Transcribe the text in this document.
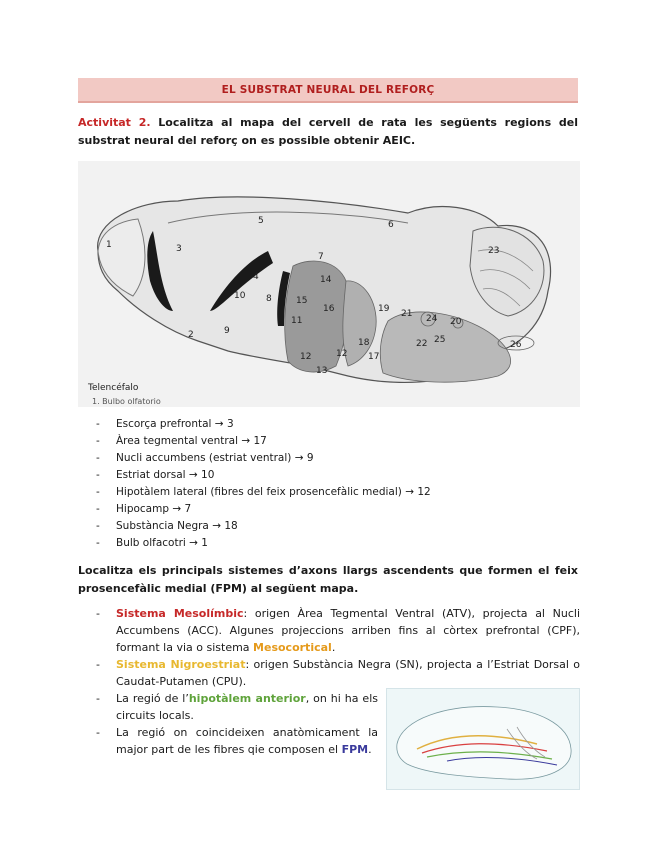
EL SUBSTRAT NEURAL DEL REFORÇ

Activitat 2. Localitza al mapa del cervell de rata les següents regions del substrat neural del reforç on es possible obtenir AEIC.

1
2
3
4
5	6
7
8
9
10
11
12	12
13
14
15
16
17
18
19
20
21
22
23
24
25	26
Telencéfalo
1. Bulbo olfatorio
-	Escorça prefrontal → 3
-	Àrea tegmental ventral → 17
-	Nucli accumbens (estriat ventral) → 9
-	Estriat dorsal → 10
-	Hipotàlem lateral (fibres del feix prosencefàlic medial) → 12
-	Hipocamp → 7
-	Substància Negra → 18
-	Bulb olfacotri → 1

Localitza els principals sistemes d’axons llargs ascendents que formen el feix prosencefàlic medial (FPM) al següent mapa.

-	Sistema Mesolímbic: origen Àrea Tegmental Ventral (ATV), projecta al Nucli Accumbens (ACC). Algunes projeccions arriben fins al còrtex prefrontal (CPF), formant la via o sistema Mesocortical.
-	Sistema Nigroestriat: origen Substància Negra (SN), projecta a l’Estriat Dorsal o Caudat-Putamen (CPU).
-	La regió de l’hipotàlem anterior, on hi ha els circuits locals.
-	La regió on coincideixen anatòmicament la major part de les fibres qie composen el FPM.
